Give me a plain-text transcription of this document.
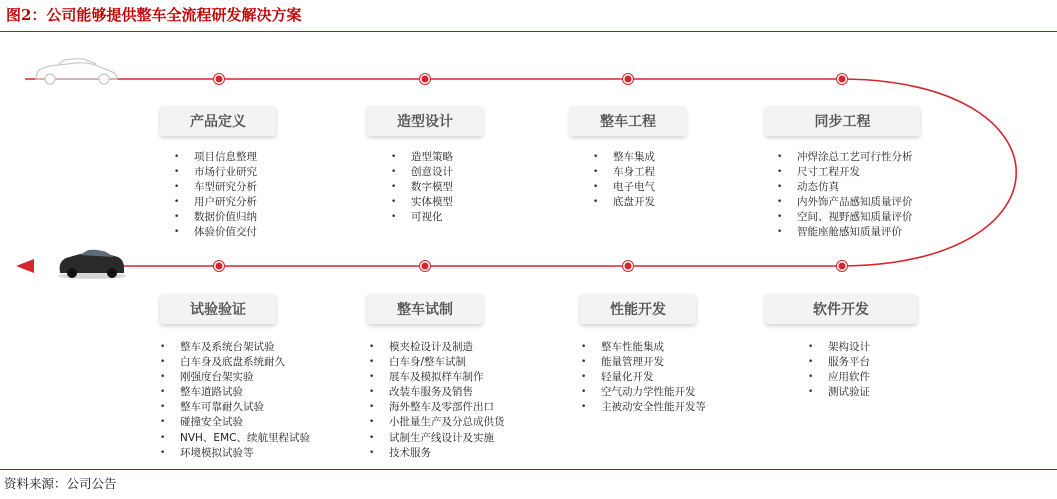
图2：公司能够提供整车全流程研发解决方案
产品定义
• 项目信息整理
• 市场行业研究
• 车型研究分析
• 用户研究分析
• 数据价值归纳
• 体验价值交付
造型设计
• 造型策略
• 创意设计
• 数字模型
• 实体模型
• 可视化
整车工程
• 整车集成
• 车身工程
• 电子电气
• 底盘开发
同步工程
• 冲焊涂总工艺可行性分析
• 尺寸工程开发
• 动态仿真
• 内外饰产品感知质量评价
• 空间、视野感知质量评价
• 智能座舱感知质量评价
试验验证
• 整车及系统台架试验
• 白车身及底盘系统耐久
• 刚强度台架实验
• 整车道路试验
• 整车可靠耐久试验
• 碰撞安全试验
• NVH、EMC、续航里程试验
• 环境模拟试验等
整车试制
• 模夹检设计及制造
• 白车身/整车试制
• 展车及模拟样车制作
• 改装车服务及销售
• 海外整车及零部件出口
• 小批量生产及分总成供货
• 试制生产线设计及实施
• 技术服务
性能开发
• 整车性能集成
• 能量管理开发
• 轻量化开发
• 空气动力学性能开发
• 主被动安全性能开发等
软件开发
• 架构设计
• 服务平台
• 应用软件
• 测试验证
资料来源：公司公告
